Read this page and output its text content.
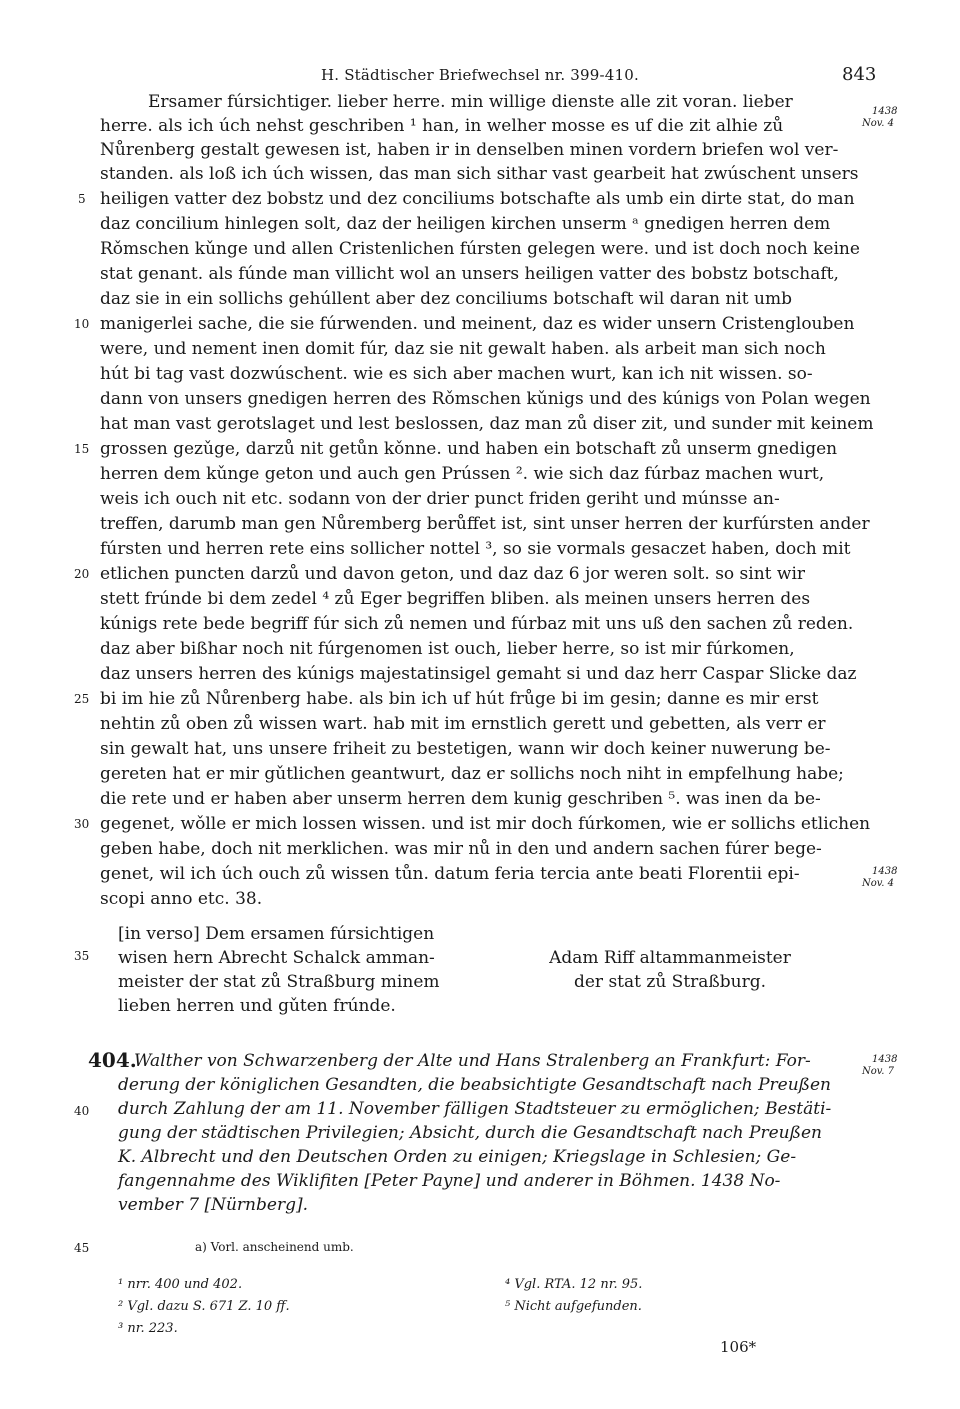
H. Städtischer Briefwechsel nr. 399-410.	843
Ersamer fúrsichtiger. lieber herre. min willige dienste alle zit voran. lieber
herre. als ich úch nehst geschriben ¹ han, in welher mosse es uf die zit alhie zů
Nůrenberg gestalt gewesen ist, haben ir in denselben minen vordern briefen wol ver-
standen. als loß ich úch wissen, das man sich sithar vast gearbeit hat zwúschent unsers
heiligen vatter dez bobstz und dez conciliums botschafte als umb ein dirte stat, do man
daz concilium hinlegen solt, daz der heiligen kirchen unserm ᵃ gnedigen herren dem
Rǒmschen kǔnge und allen Cristenlichen fúrsten gelegen were. und ist doch noch keine
stat genant. als fúnde man villicht wol an unsers heiligen vatter des bobstz botschaft,
daz sie in ein sollichs gehúllent aber dez conciliums botschaft wil daran nit umb
manigerlei sache, die sie fúrwenden. und meinent, daz es wider unsern Cristenglouben
were, und nement inen domit fúr, daz sie nit gewalt haben. als arbeit man sich noch
hút bi tag vast dozwúschent. wie es sich aber machen wurt, kan ich nit wissen. so-
dann von unsers gnedigen herren des Rǒmschen kǔnigs und des kúnigs von Polan wegen
hat man vast gerotslaget und lest beslossen, daz man zů diser zit, und sunder mit keinem
grossen gezǔge, darzů nit getůn kǒnne. und haben ein botschaft zů unserm gnedigen
herren dem kǔnge geton und auch gen Prússen ². wie sich daz fúrbaz machen wurt,
weis ich ouch nit etc. sodann von der drier punct friden geriht und múnsse an-
treffen, darumb man gen Nůremberg berůffet ist, sint unser herren der kurfúrsten ander
fúrsten und herren rete eins sollicher nottel ³, so sie vormals gesaczet haben, doch mit
etlichen puncten darzů und davon geton, und daz daz 6 jor weren solt. so sint wir
stett frúnde bi dem zedel ⁴ zů Eger begriffen bliben. als meinen unsers herren des
kúnigs rete bede begriff fúr sich zů nemen und fúrbaz mit uns uß den sachen zů reden.
daz aber bißhar noch nit fúrgenomen ist ouch, lieber herre, so ist mir fúrkomen,
daz unsers herren des kúnigs majestatinsigel gemaht si und daz herr Caspar Slicke daz
bi im hie zů Nůrenberg habe. als bin ich uf hút frůge bi im gesin; danne es mir erst
nehtin zů oben zů wissen wart. hab mit im ernstlich gerett und gebetten, als verr er
sin gewalt hat, uns unsere friheit zu bestetigen, wann wir doch keiner nuwerung be-
gereten hat er mir gǔtlichen geantwurt, daz er sollichs noch niht in empfelhung habe;
die rete und er haben aber unserm herren dem kunig geschriben ⁵. was inen da be-
gegenet, wǒlle er mich lossen wissen. und ist mir doch fúrkomen, wie er sollichs etlichen
geben habe, doch nit merklichen. was mir nů in den und andern sachen fúrer bege-
genet, wil ich úch ouch zů wissen tůn. datum feria tercia ante beati Florentii epi-
scopi anno etc. 38.
5
10
15
20
25
30
35
40
45
1438
Nov. 4
1438
Nov. 4
1438
Nov. 7
[in verso] Dem ersamen fúrsichtigen
wisen hern Abrecht Schalck amman-
meister der stat zů Straßburg minem
lieben herren und gǔten frúnde.
Adam Riff altammanmeister
der stat zů Straßburg.
404.
Walther von Schwarzenberg der Alte und Hans Stralenberg an Frankfurt: For-
derung der königlichen Gesandten, die beabsichtigte Gesandtschaft nach Preußen
durch Zahlung der am 11. November fälligen Stadtsteuer zu ermöglichen; Bestäti-
gung der städtischen Privilegien; Absicht, durch die Gesandtschaft nach Preußen
K. Albrecht und den Deutschen Orden zu einigen; Kriegslage in Schlesien; Ge-
fangennahme des Wiklifiten [Peter Payne] und anderer in Böhmen. 1438 No-
vember 7 [Nürnberg].
a) Vorl. anscheinend umb.
¹ nrr. 400 und 402.
² Vgl. dazu S. 671 Z. 10 ff.
³ nr. 223.
⁴ Vgl. RTA. 12 nr. 95.
⁵ Nicht aufgefunden.
106*
